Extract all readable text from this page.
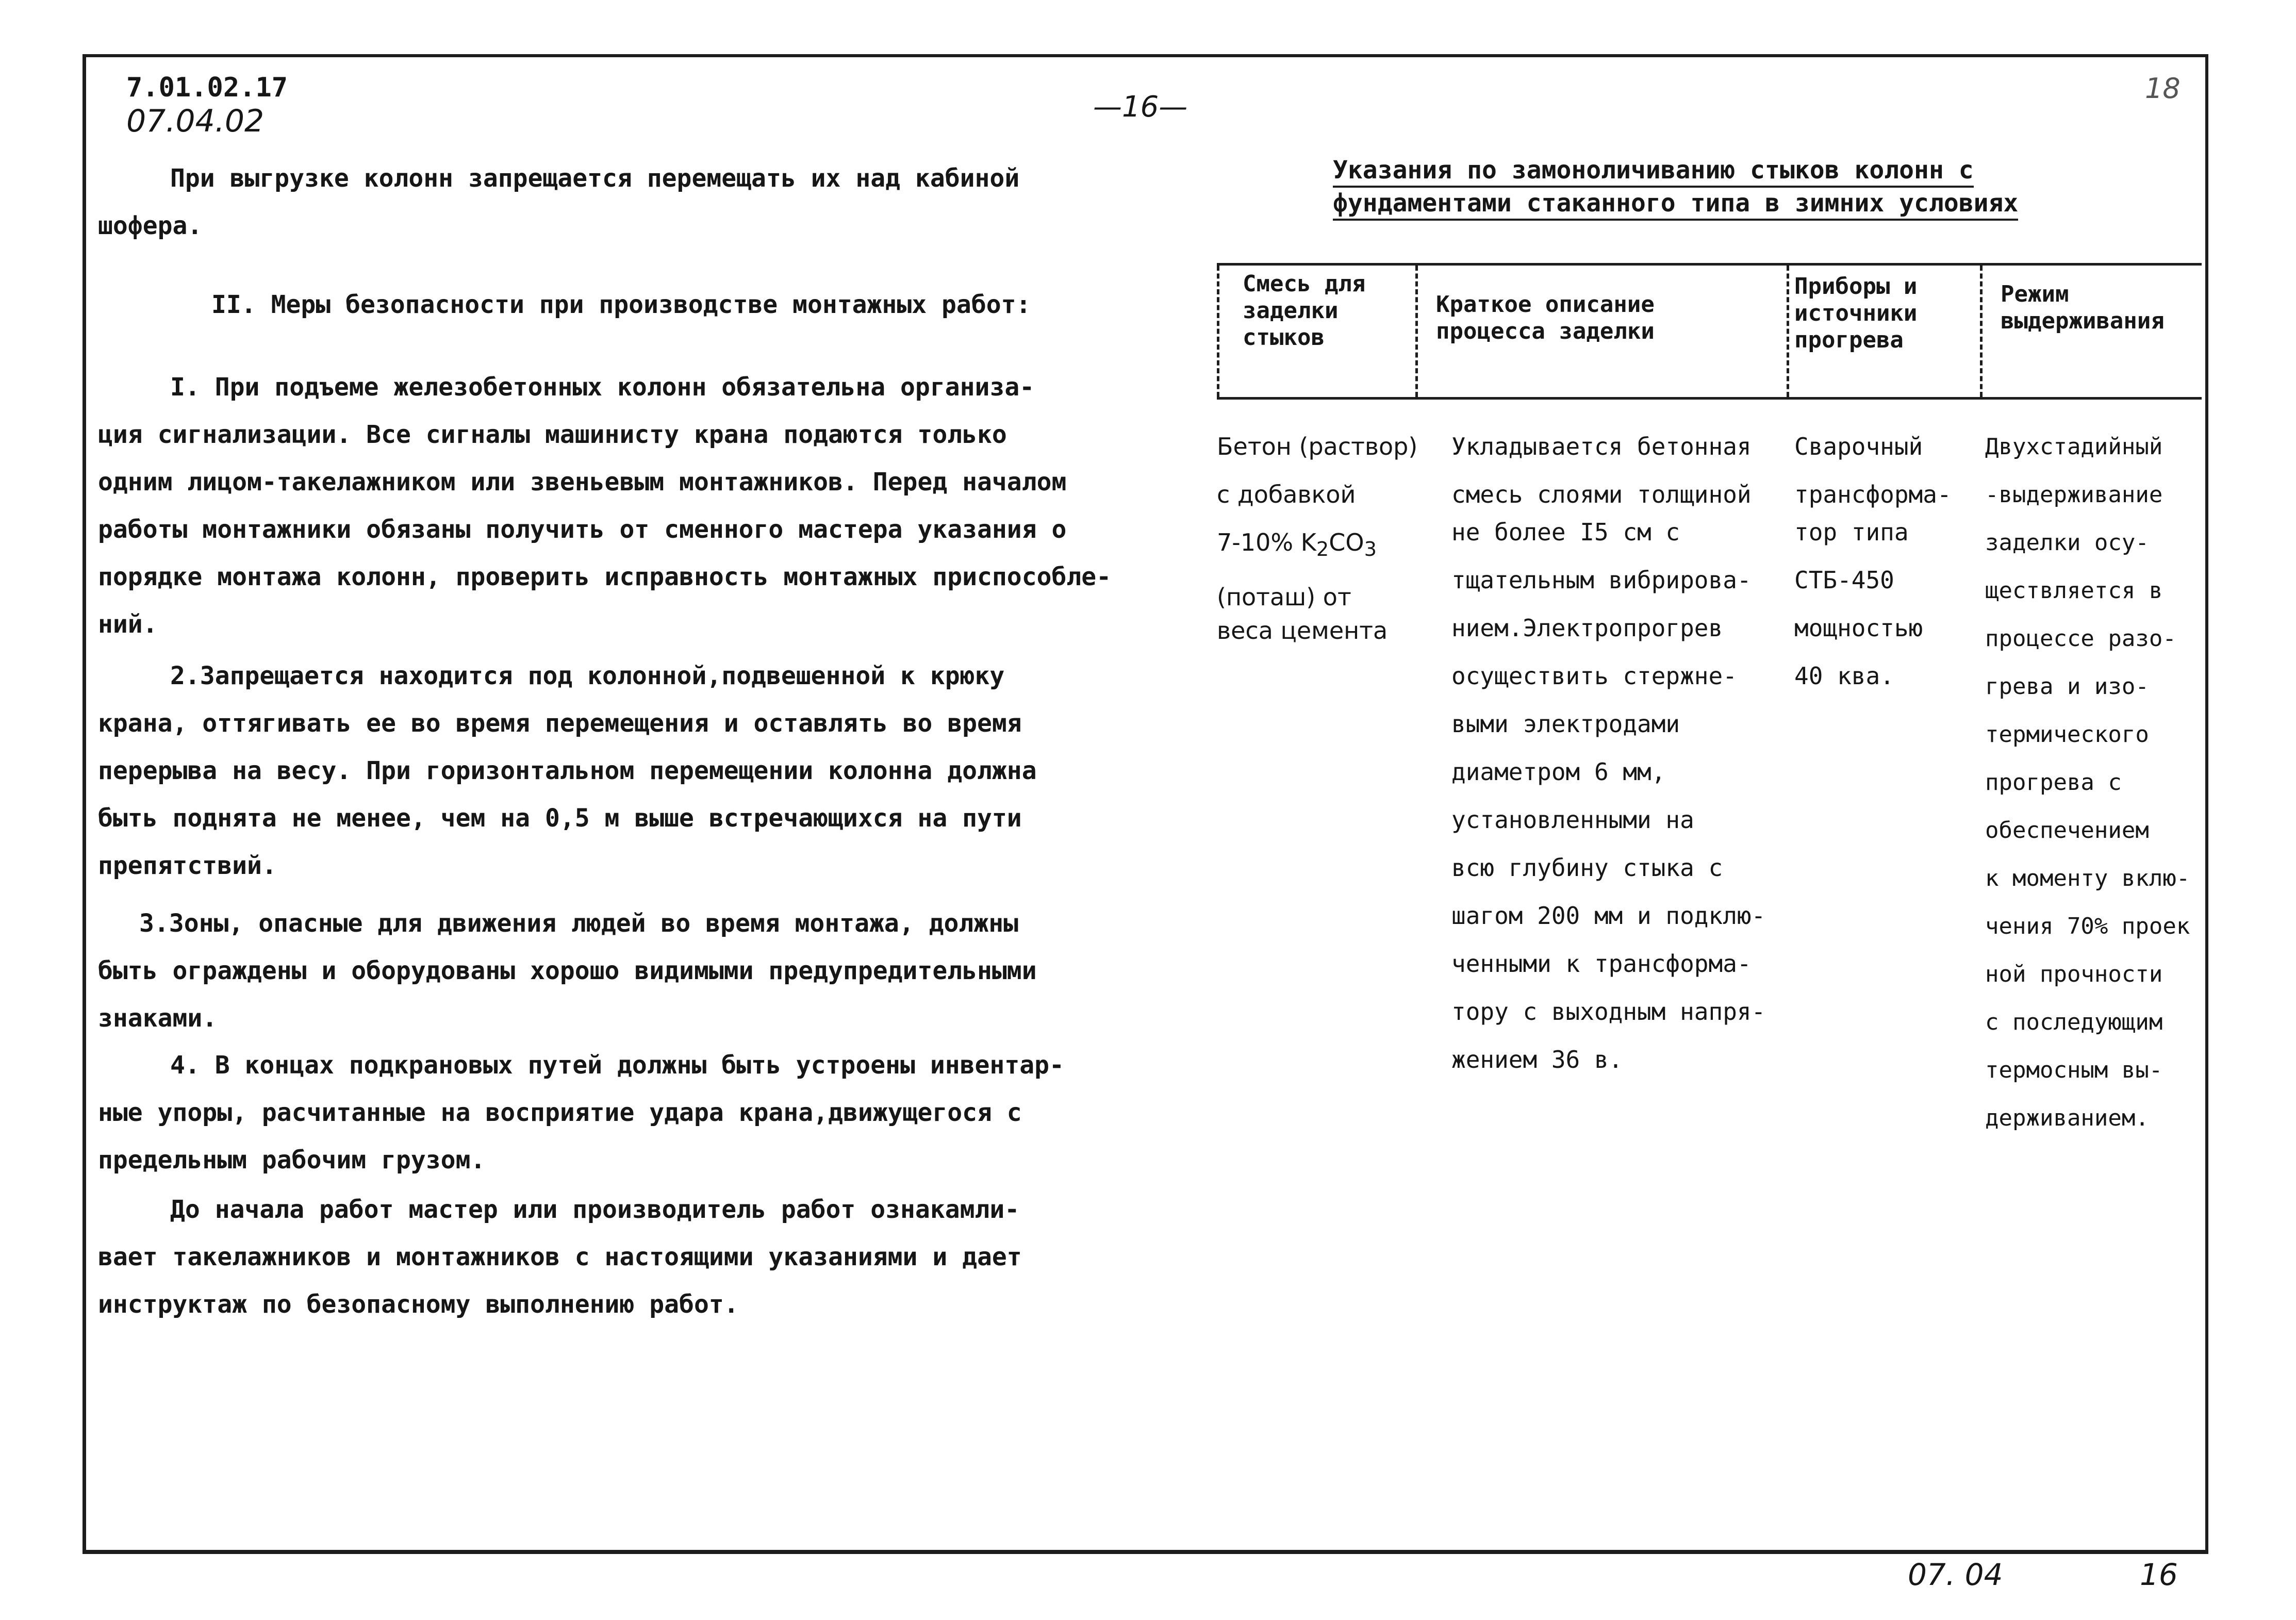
7.01.02.17
07.04.02	—16—
18
При выгрузке колонн запрещается перемещать их над кабиной
шофера.
II. Меры безопасности при производстве монтажных работ:
I. При подъеме железобетонных колонн обязательна организа-
ция сигнализации. Все сигналы машинисту крана подаются только
одним лицом-такелажником или звеньевым монтажников. Перед началом
работы монтажники обязаны получить от сменного мастера указания о
порядке монтажа колонн, проверить исправность монтажных приспособле-
ний.
2.Запрещается находится под колонной,подвешенной к крюку
крана, оттягивать ее во время перемещения и оставлять во время
перерыва на весу. При горизонтальном перемещении колонна должна
быть поднята не менее, чем на 0,5 м выше встречающихся на пути
препятствий.
3.Зоны, опасные для движения людей во время монтажа, должны
быть ограждены и оборудованы хорошо видимыми предупредительными
знаками.
4. В концах подкрановых путей должны быть устроены инвентар-
ные упоры, расчитанные на восприятие удара крана,движущегося с
предельным рабочим грузом.
До начала работ мастер или производитель работ ознакамли-
вает такелажников и монтажников с настоящими указаниями и дает
инструктаж по безопасному выполнению работ.
Указания по замоноличиванию стыков колонн с
фундаментами стаканного типа в зимних условиях
Смесь для
заделки
стыков
Краткое описание
процесса заделки
Приборы и
источники
прогрева
Режим
выдерживания
Бетон (раствор)
с добавкой
7-10% $K_2CO_3$
(поташ) от
веса цемента
Укладывается бетонная
смесь слоями толщиной
не более I5 см с
тщательным вибрирова-
нием.Электропрогрев
осуществить стержне-
выми электродами
диаметром 6 мм,
установленными на
всю глубину стыка с
шагом 200 мм и подклю-
ченными к трансформа-
тору с выходным напря-
жением 36 в.
Сварочный
трансформа-
тор типа
СТБ-450
мощностью
40 ква.
Двухстадийный
-выдерживание
заделки осу-
ществляется в
процессе разо-
грева и изо-
термического
прогрева с
обеспечением
к моменту вклю-
чения 70% проек
ной прочности
с последующим
термосным вы-
держиванием.
07. 04	16
